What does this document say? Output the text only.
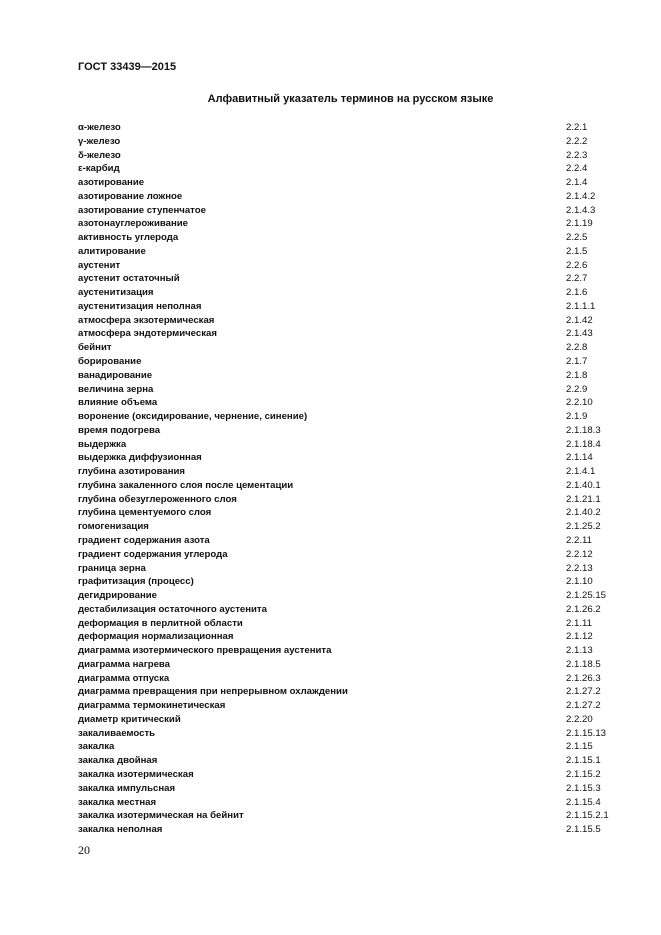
ГОСТ 33439—2015
Алфавитный указатель терминов на русском языке
α-железо	2.2.1
γ-железо	2.2.2
δ-железо	2.2.3
ε-карбид	2.2.4
азотирование	2.1.4
азотирование ложное	2.1.4.2
азотирование ступенчатое	2.1.4.3
азотонауглероживание	2.1.19
активность углерода	2.2.5
алитирование	2.1.5
аустенит	2.2.6
аустенит остаточный	2.2.7
аустенитизация	2.1.6
аустенитизация неполная	2.1.1.1
атмосфера экзотермическая	2.1.42
атмосфера эндотермическая	2.1.43
бейнит	2.2.8
борирование	2.1.7
ванадирование	2.1.8
величина зерна	2.2.9
влияние объема	2.2.10
воронение (оксидирование, чернение, синение)	2.1.9
время подогрева	2.1.18.3
выдержка	2.1.18.4
выдержка диффузионная	2.1.14
глубина азотирования	2.1.4.1
глубина закаленного слоя после цементации	2.1.40.1
глубина обезуглероженного слоя	2.1.21.1
глубина цементуемого слоя	2.1.40.2
гомогенизация	2.1.25.2
градиент содержания азота	2.2.11
градиент содержания углерода	2.2.12
граница зерна	2.2.13
графитизация (процесс)	2.1.10
дегидрирование	2.1.25.15
дестабилизация остаточного аустенита	2.1.26.2
деформация в перлитной области	2.1.11
деформация нормализационная	2.1.12
диаграмма изотермического превращения аустенита	2.1.13
диаграмма нагрева	2.1.18.5
диаграмма отпуска	2.1.26.3
диаграмма превращения при непрерывном охлаждении	2.1.27.2
диаграмма термокинетическая	2.1.27.2
диаметр критический	2.2.20
закаливаемость	2.1.15.13
закалка	2.1.15
закалка двойная	2.1.15.1
закалка изотермическая	2.1.15.2
закалка импульсная	2.1.15.3
закалка местная	2.1.15.4
закалка изотермическая на бейнит	2.1.15.2.1
закалка неполная	2.1.15.5
20
